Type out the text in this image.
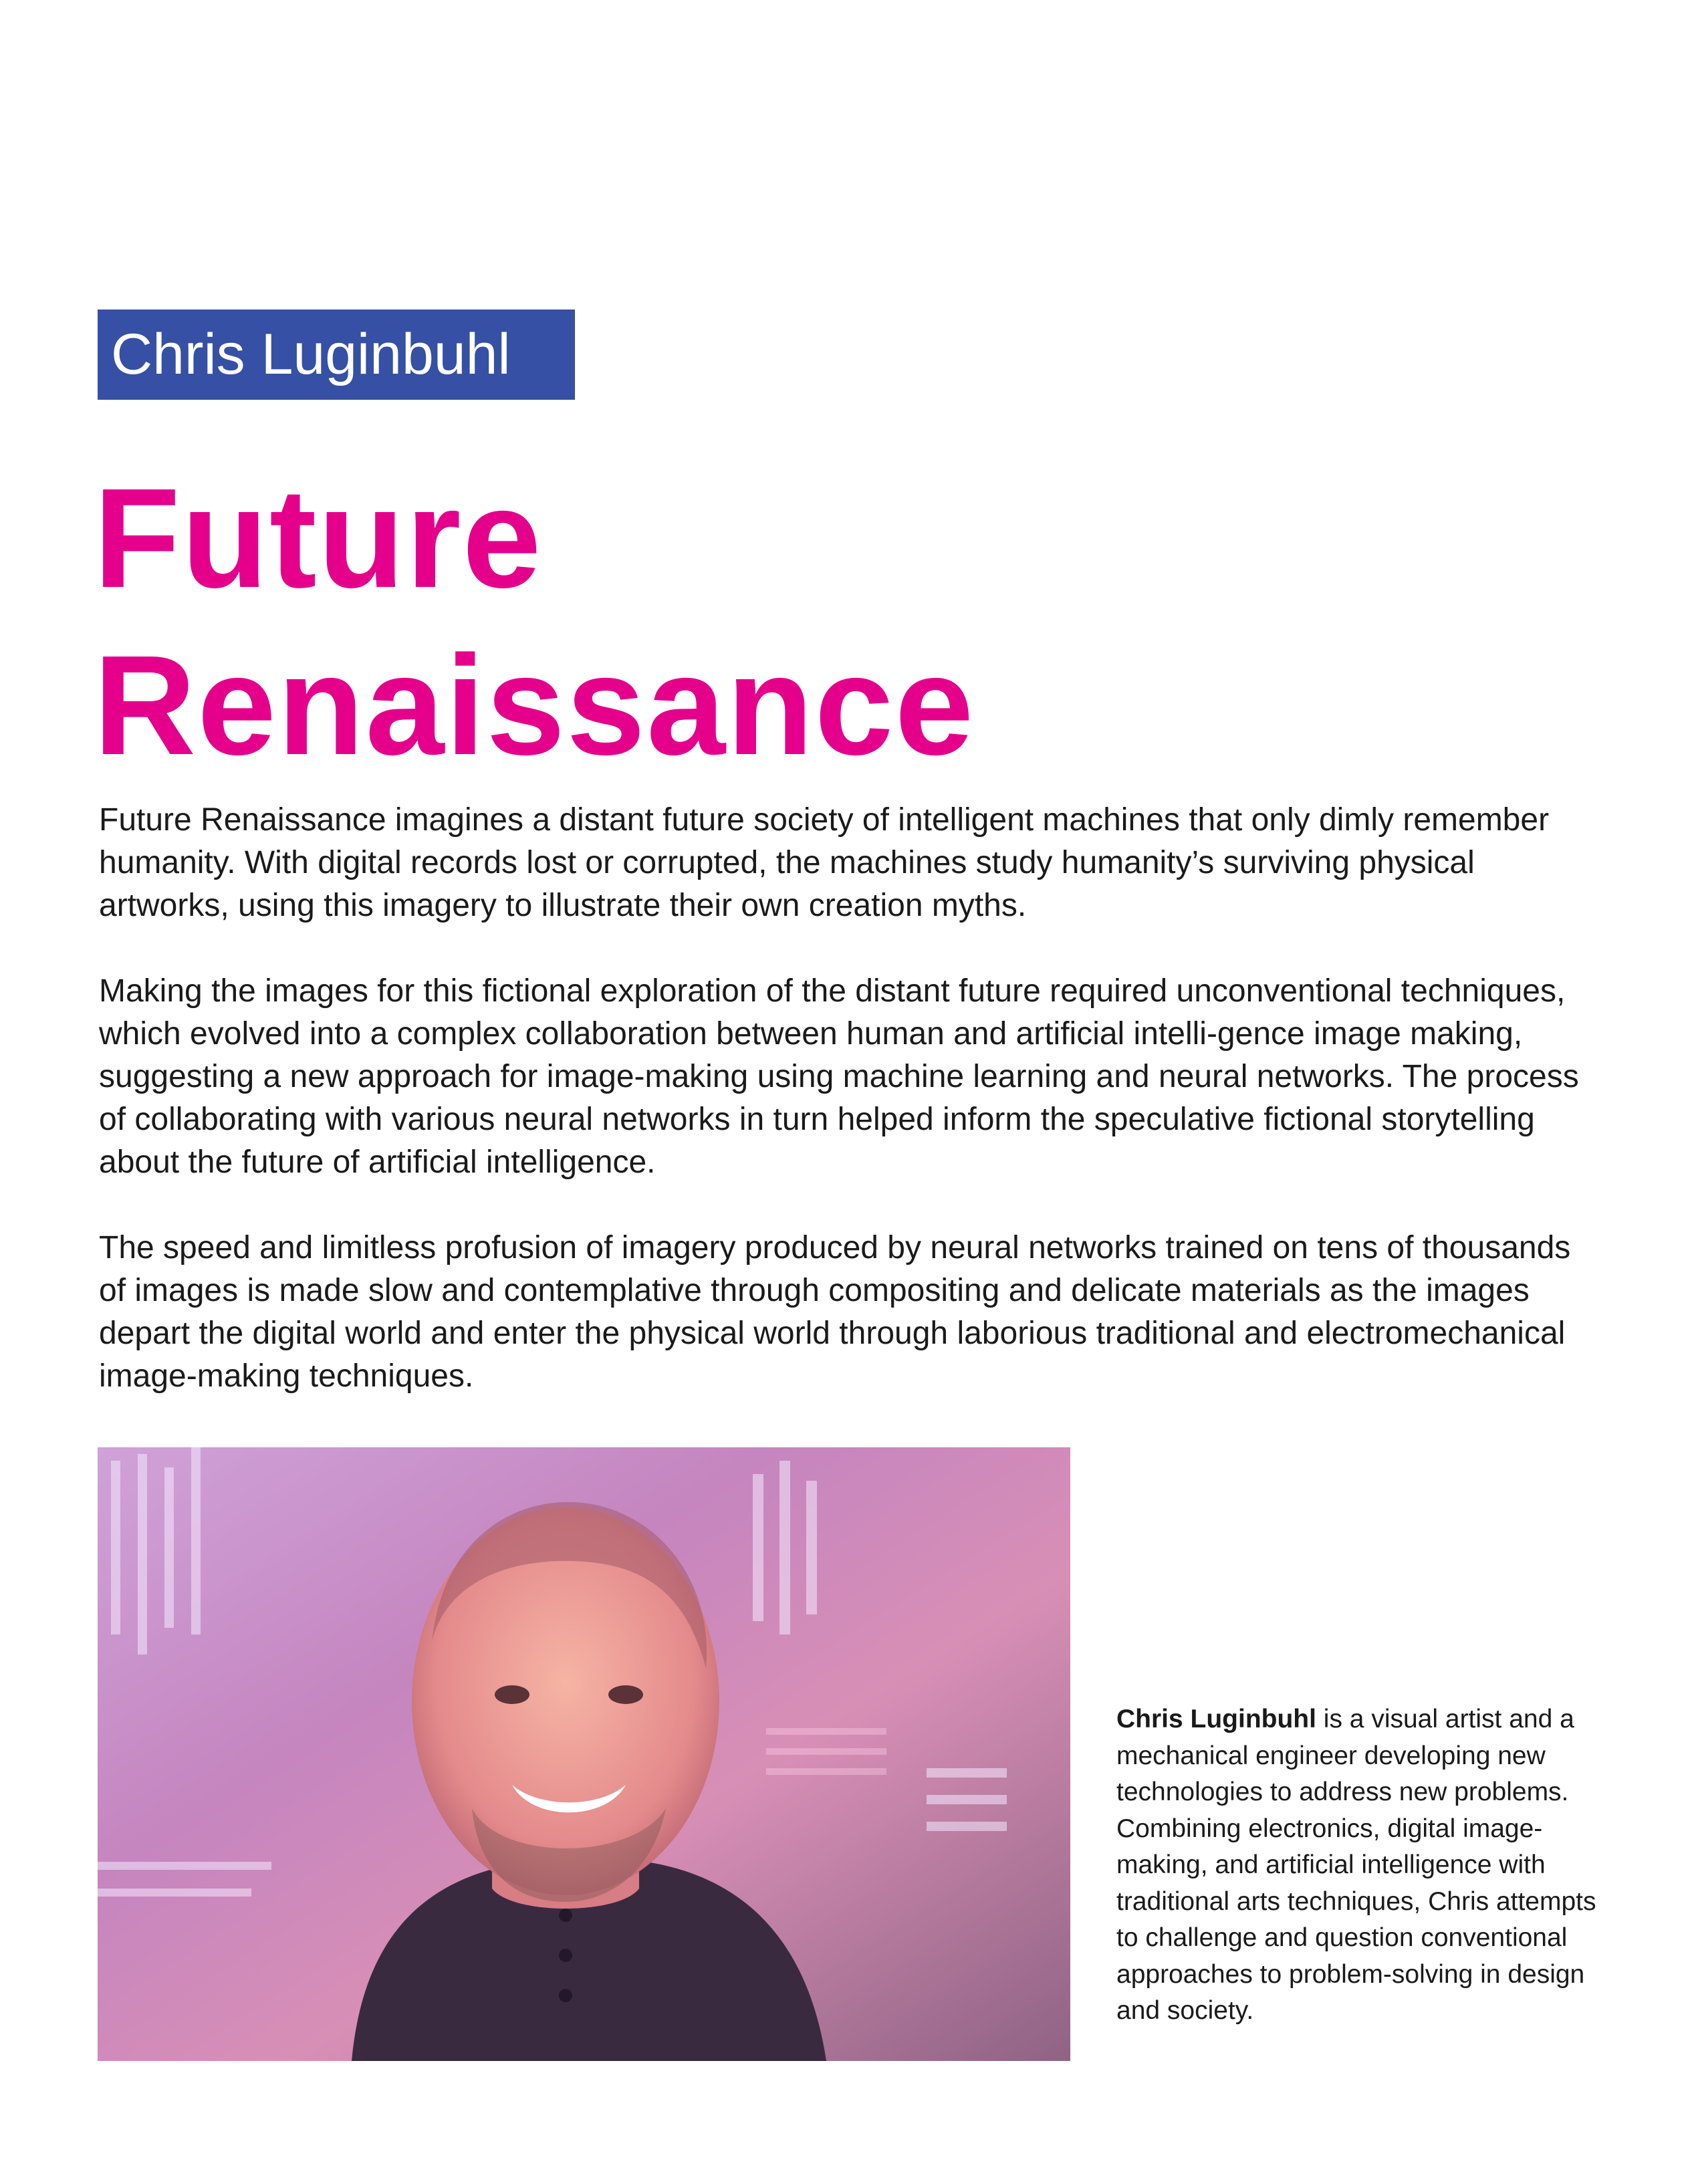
Chris Luginbuhl
Future
Renaissance

Future Renaissance imagines a distant future society of intelligent machines that only dimly remember humanity. With digital records lost or corrupted, the machines study humanity’s surviving physical artworks, using this imagery to illustrate their own creation myths.

Making the images for this fictional exploration of the distant future required unconventional techniques, which evolved into a complex collaboration between human and artificial intelli-gence image making, suggesting a new approach for image-making using machine learning and neural networks. The process of collaborating with various neural networks in turn helped inform the speculative fictional storytelling about the future of artificial intelligence.

The speed and limitless profusion of imagery produced by neural networks trained on tens of thousands of images is made slow and contemplative through compositing and delicate materials as the images depart the digital world and enter the physical world through laborious traditional and electromechanical image-making techniques.

Chris Luginbuhl is a visual artist and a mechanical engineer developing new technologies to address new problems. Combining electronics, digital image-making, and artificial intelligence with traditional arts techniques, Chris attempts to challenge and question conventional approaches to problem-solving in design and society.
